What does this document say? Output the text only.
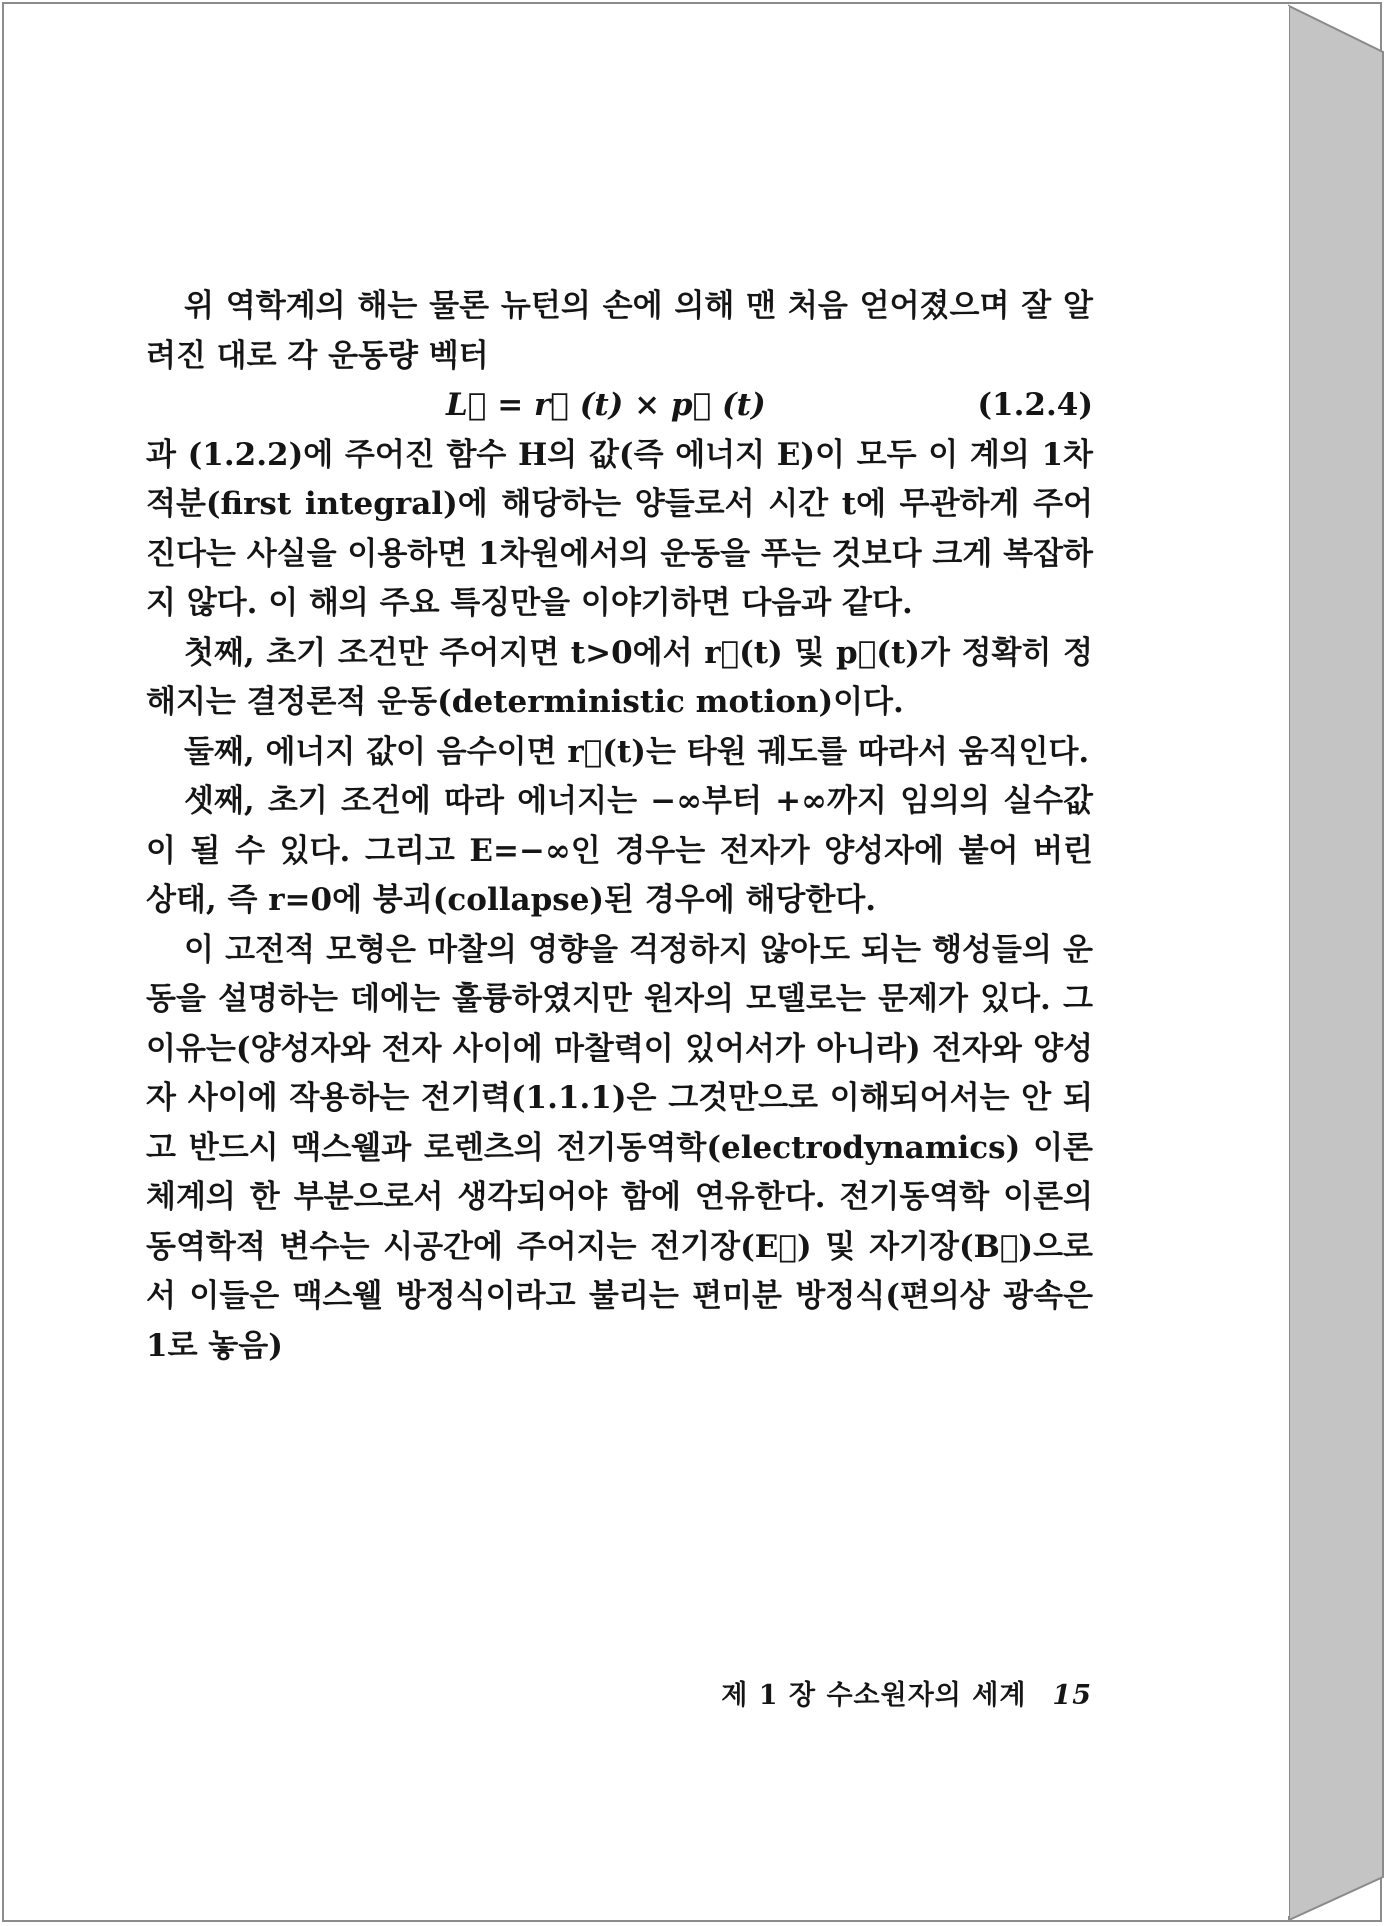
위 역학계의 해는 물론 뉴턴의 손에 의해 맨 처음 얻어졌으며 잘 알려진 대로 각 운동량 벡터

L⃗ = r⃗ (t) × p⃗ (t)	(1.2.4)

과 (1.2.2)에 주어진 함수 H의 값(즉 에너지 E)이 모두 이 계의 1차 적분(first integral)에 해당하는 양들로서 시간 t에 무관하게 주어진다는 사실을 이용하면 1차원에서의 운동을 푸는 것보다 크게 복잡하지 않다. 이 해의 주요 특징만을 이야기하면 다음과 같다.

첫째, 초기 조건만 주어지면 t>0에서 r⃗(t) 및 p⃗(t)가 정확히 정해지는 결정론적 운동(deterministic motion)이다.

둘째, 에너지 값이 음수이면 r⃗(t)는 타원 궤도를 따라서 움직인다.

셋째, 초기 조건에 따라 에너지는 −∞부터 +∞까지 임의의 실수값이 될 수 있다. 그리고 E=−∞인 경우는 전자가 양성자에 붙어 버린 상태, 즉 r=0에 붕괴(collapse)된 경우에 해당한다.

이 고전적 모형은 마찰의 영향을 걱정하지 않아도 되는 행성들의 운동을 설명하는 데에는 훌륭하였지만 원자의 모델로는 문제가 있다. 그 이유는(양성자와 전자 사이에 마찰력이 있어서가 아니라) 전자와 양성자 사이에 작용하는 전기력(1.1.1)은 그것만으로 이해되어서는 안 되고 반드시 맥스웰과 로렌츠의 전기동역학(electrodynamics) 이론 체계의 한 부분으로서 생각되어야 함에 연유한다. 전기동역학 이론의 동역학적 변수는 시공간에 주어지는 전기장(E⃗) 및 자기장(B⃗)으로서 이들은 맥스웰 방정식이라고 불리는 편미분 방정식(편의상 광속은 1로 놓음)

제 1 장 수소원자의 세계 15
